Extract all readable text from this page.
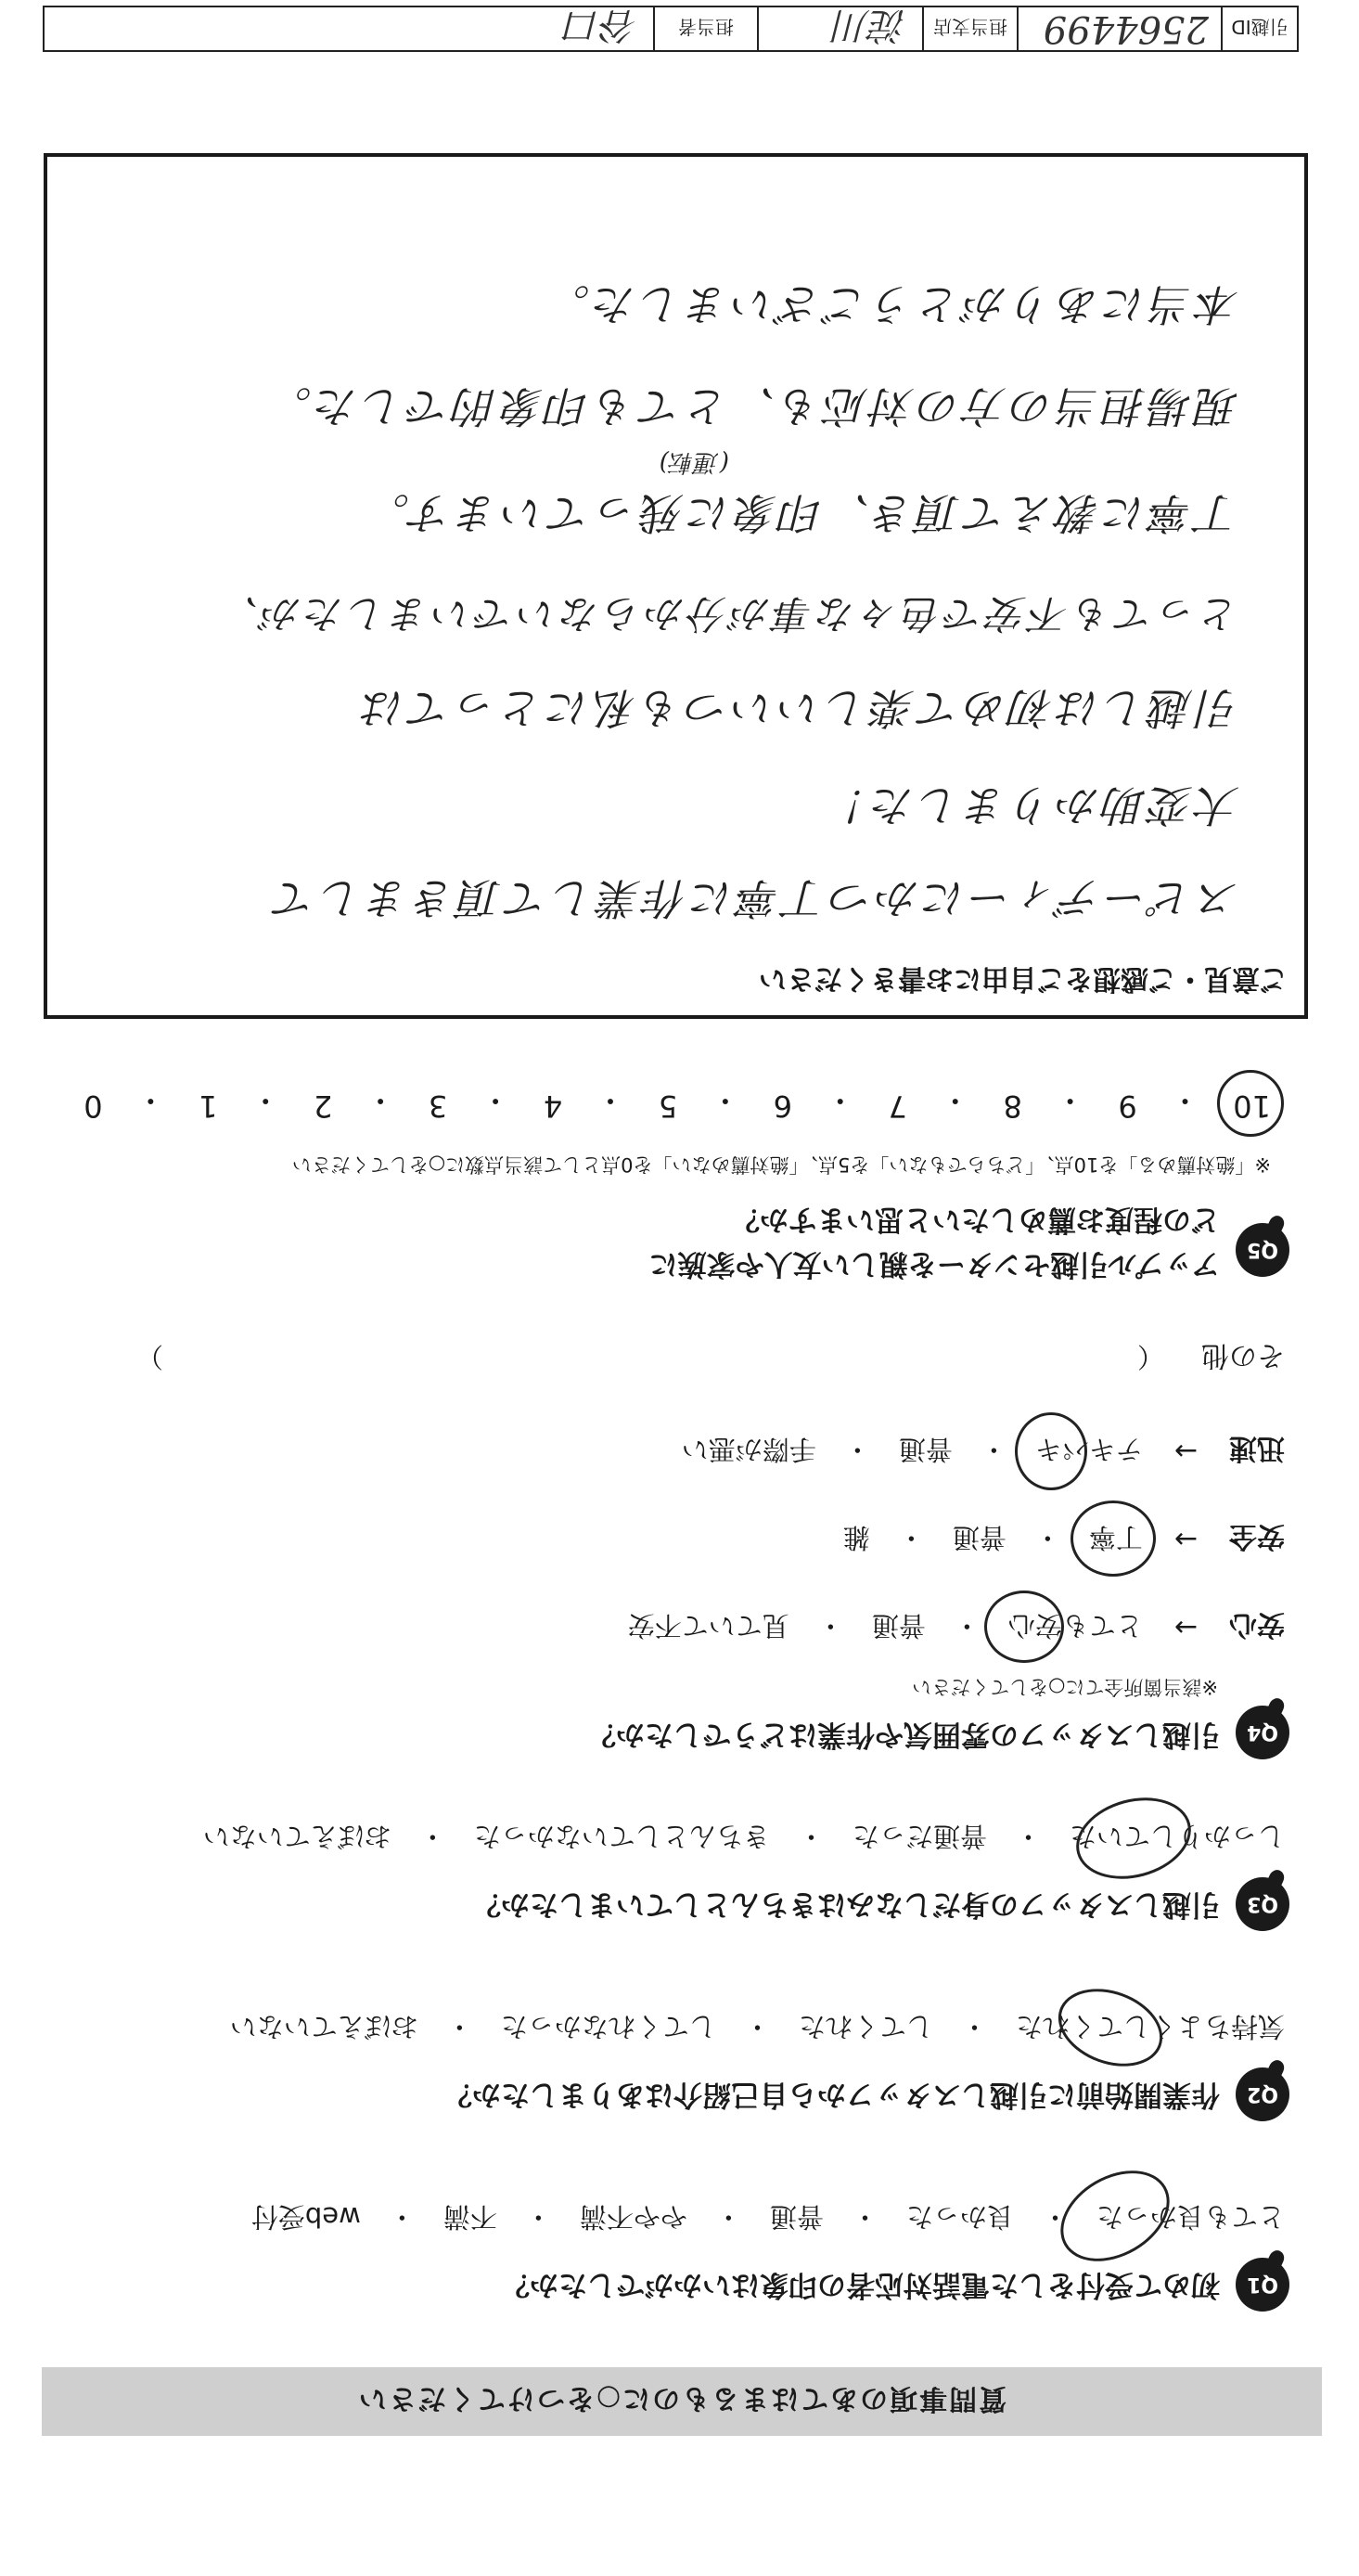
引越ID
2564499
担当支店
淀川
担当者
谷口
質問事項のあてはまるものに○をつけてください
Q1
初めて受付をした電話対応者の印象はいかがでしたか？
とても良かった
・
良かった
・
普通
・
やや不満
・
不満
・
web受付
Q2
作業開始前に引越しスタッフから自己紹介はありましたか？
気持ちよくしてくれた
・
してくれた
・
してくれなかった
・
おぼえていない
Q3
引越しスタッフの身だしなみはきちんとしていましたか？
しっかりしていた
・
普通だった
・
きちんとしていなかった
・
おぼえていない
Q4
引越しスタッフの雰囲気や作業はどうでしたか？
※該当箇所全てに○をしてください
安心
→
とても安心
・
普通
・
見ていて不安
安全
→
丁寧
・
普通
・
雑
迅速
→
テキパキ
・
普通
・
手際が悪い
その他
（
）
Q5
アップル引越センターを親しい友人や家族に
どの程度お薦めしたいと思いますか？
※「絶対薦める」を10点、「どちらでもない」を5点、「絶対薦めない」を0点として該当点数に○をしてください
10
・
9
・
8
・
7
・
6
・
5
・
4
・
3
・
2
・
1
・
0
ご意見・ご感想をご自由にお書きください
スピーディーにかつ丁寧に作業して頂きまして
大変助かりました！
引越しは初めて楽しいいつも私にとっては
とっても不安で色々な事が分からないでいましたが、
丁寧に教えて頂き、印象に残っています。
現場担当の方の対応も、とても印象的でした。
(運転)
本当にありがとうございました。
